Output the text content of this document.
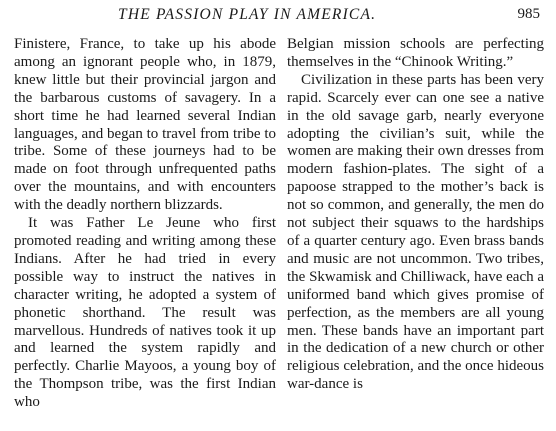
THE PASSION PLAY IN AMERICA.	985

Finistere, France, to take up his abode among an ignorant people who, in 1879, knew little but their provincial jargon and the barbarous customs of savagery. In a short time he had learned several Indian languages, and began to travel from tribe to tribe. Some of these journeys had to be made on foot through unfrequented paths over the mountains, and with encounters with the deadly northern blizzards.

It was Father Le Jeune who first promoted reading and writing among these Indians. After he had tried in every possible way to instruct the natives in character writing, he adopted a system of phonetic shorthand. The result was marvellous. Hundreds of natives took it up and learned the system rapidly and perfectly. Charlie Mayoos, a young boy of the Thompson tribe, was the first Indian who

Belgian mission schools are perfecting themselves in the “Chinook Writing.”

Civilization in these parts has been very rapid. Scarcely ever can one see a native in the old savage garb, nearly everyone adopting the civilian’s suit, while the women are making their own dresses from modern fashion-plates. The sight of a papoose strapped to the mother’s back is not so common, and generally, the men do not subject their squaws to the hardships of a quarter century ago. Even brass bands and music are not uncommon. Two tribes, the Skwamisk and Chilliwack, have each a uniformed band which gives promise of perfection, as the members are all young men. These bands have an important part in the dedication of a new church or other religious celebration, and the once hideous war-dance is
